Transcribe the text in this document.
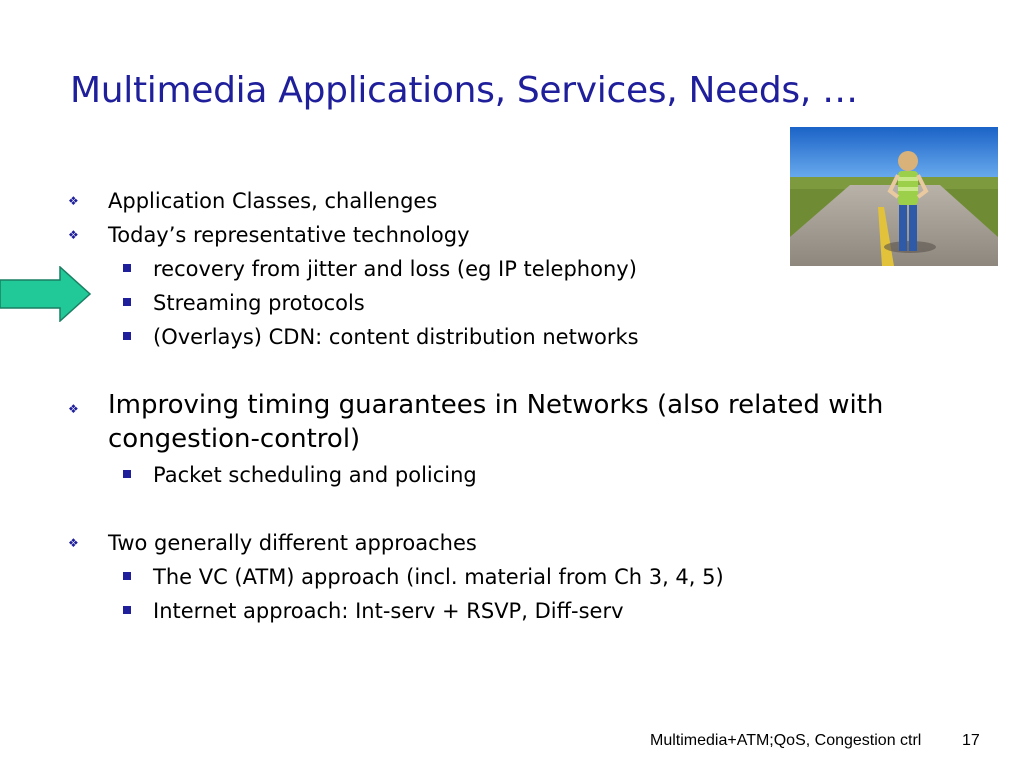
Multimedia Applications, Services, Needs, …
❖ Application Classes, challenges
❖ Today’s representative technology
recovery from jitter and loss (eg IP telephony)
Streaming protocols
(Overlays) CDN: content distribution networks
❖ Improving timing guarantees in Networks (also related with
congestion-control)
Packet scheduling and policing
❖ Two generally different approaches
The VC (ATM) approach (incl. material from Ch 3, 4, 5)
Internet approach: Int-serv + RSVP, Diff-serv
Multimedia+ATM;QoS, Congestion ctrl	17
